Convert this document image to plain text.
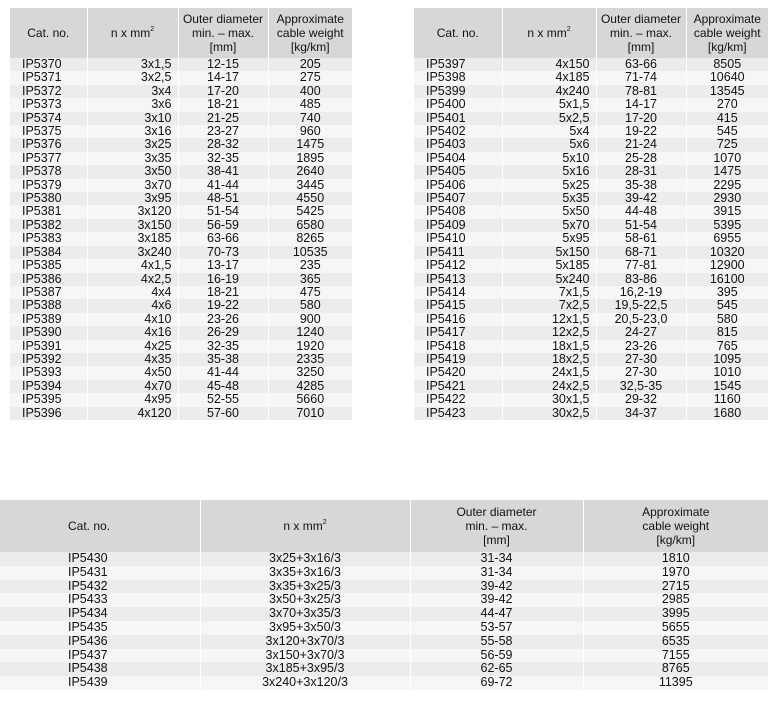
Cat. no.	n x $mm^2$	Outer diameter
min. – max.
[mm]	Approximate
cable weight
[kg/km]
IP5370	3x1,5	12-15	205
IP5371	3x2,5	14-17	275
IP5372	3x4	17-20	400
IP5373	3x6	18-21	485
IP5374	3x10	21-25	740
IP5375	3x16	23-27	960
IP5376	3x25	28-32	1475
IP5377	3x35	32-35	1895
IP5378	3x50	38-41	2640
IP5379	3x70	41-44	3445
IP5380	3x95	48-51	4550
IP5381	3x120	51-54	5425
IP5382	3x150	56-59	6580
IP5383	3x185	63-66	8265
IP5384	3x240	70-73	10535
IP5385	4x1,5	13-17	235
IP5386	4x2,5	16-19	365
IP5387	4x4	18-21	475
IP5388	4x6	19-22	580
IP5389	4x10	23-26	900
IP5390	4x16	26-29	1240
IP5391	4x25	32-35	1920
IP5392	4x35	35-38	2335
IP5393	4x50	41-44	3250
IP5394	4x70	45-48	4285
IP5395	4x95	52-55	5660
IP5396	4x120	57-60	7010
Cat. no.	n x $mm^2$	Outer diameter
min. – max.
[mm]	Approximate
cable weight
[kg/km]
IP5397	4x150	63-66	8505
IP5398	4x185	71-74	10640
IP5399	4x240	78-81	13545
IP5400	5x1,5	14-17	270
IP5401	5x2,5	17-20	415
IP5402	5x4	19-22	545
IP5403	5x6	21-24	725
IP5404	5x10	25-28	1070
IP5405	5x16	28-31	1475
IP5406	5x25	35-38	2295
IP5407	5x35	39-42	2930
IP5408	5x50	44-48	3915
IP5409	5x70	51-54	5395
IP5410	5x95	58-61	6955
IP5411	5x150	68-71	10320
IP5412	5x185	77-81	12900
IP5413	5x240	83-86	16100
IP5414	7x1,5	16,2-19	395
IP5415	7x2,5	19,5-22,5	545
IP5416	12x1,5	20,5-23,0	580
IP5417	12x2,5	24-27	815
IP5418	18x1,5	23-26	765
IP5419	18x2,5	27-30	1095
IP5420	24x1,5	27-30	1010
IP5421	24x2,5	32,5-35	1545
IP5422	30x1,5	29-32	1160
IP5423	30x2,5	34-37	1680
Cat. no.	n x $mm^2$	Outer diameter
min. – max.
[mm]	Approximate
cable weight
[kg/km]
IP5430	3x25+3x16/3	31-34	1810
IP5431	3x35+3x16/3	31-34	1970
IP5432	3x35+3x25/3	39-42	2715
IP5433	3x50+3x25/3	39-42	2985
IP5434	3x70+3x35/3	44-47	3995
IP5435	3x95+3x50/3	53-57	5655
IP5436	3x120+3x70/3	55-58	6535
IP5437	3x150+3x70/3	56-59	7155
IP5438	3x185+3x95/3	62-65	8765
IP5439	3x240+3x120/3	69-72	11395
